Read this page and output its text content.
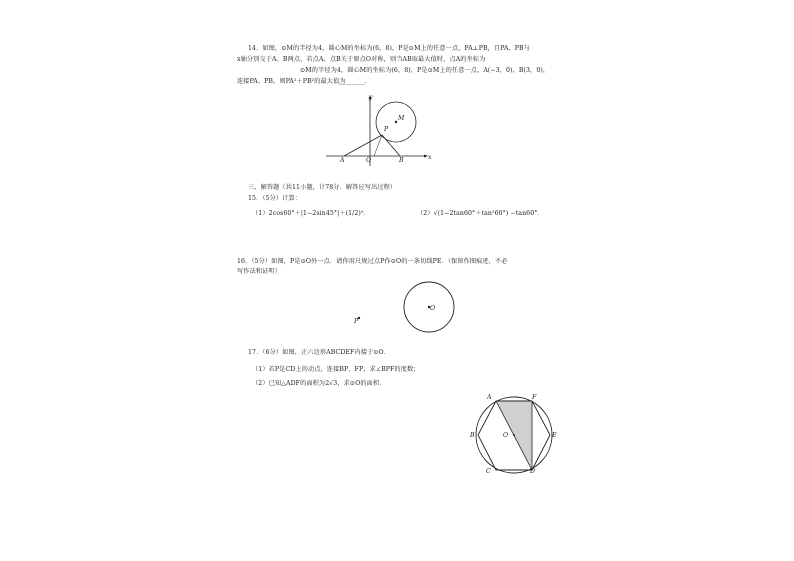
14．如图，⊙M的半径为4，圆心M的坐标为(6，8)，P是⊙M上的任意一点，PA⊥PB，且PA、PB与
x轴分别交于A、B两点，若点A、点B关于原点O对称，则当AB取最大值时，点A的坐标为
⊙M的半径为4，圆心M的坐标为(6，8)，P是⊙M上的任意一点，A(−3，0)，B(3，0)，
连接PA、PB，则PA²＋PB²的最大值为
________．
y
x
M
P
A	O	B
三、解答题（共11小题，计78分．解答应写出过程）
15．（5分）计算：
（1）2cos60°＋|1−2sin45°|＋(1/2)⁰．	（2）√(1−2tan60°＋tan²60°) −tan60°．
16．（5分）如图，P是⊙O外一点．请你用尺规过点P作⊙O的一条切线PE．（保留作图痕迹，不必
写作法和证明）
O
P
17．（6分）如图，正六边形ABCDEF内接于⊙O．
（1）若P是CD上的动点，连接BP、FP，求∠BPF的度数；
（2）已知△ADF的面积为2√3，求⊙O的面积．
A	F
B	E
O
C	D
